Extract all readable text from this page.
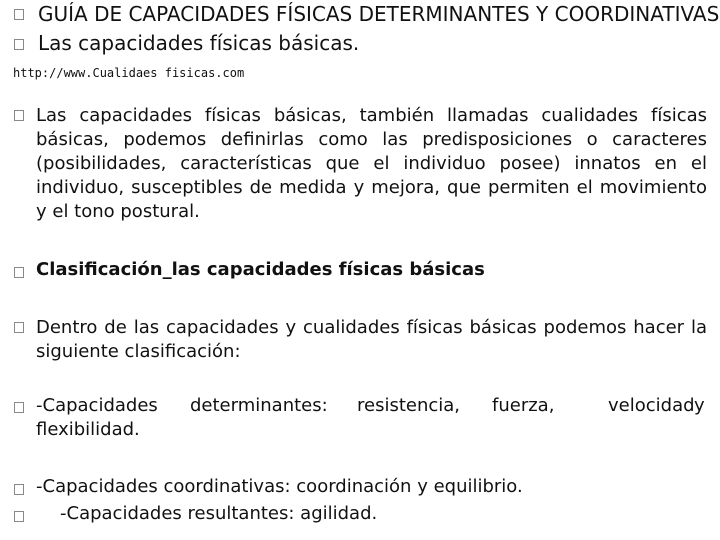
GUÍA DE CAPACIDADES FÍSICAS DETERMINANTES Y COORDINATIVAS
Las capacidades físicas básicas.
http://www.Cualidaes fisicas.com
Las capacidades físicas básicas, también llamadas cualidades físicas básicas, podemos definirlas como las predisposiciones o caracteres (posibilidades, características que el individuo posee) innatos en el individuo, susceptibles de medida y mejora, que permiten el movimiento y el tono postural.
Clasificación_las capacidades físicas básicas
Dentro de las capacidades y cualidades físicas básicas podemos hacer la siguiente clasificación:
-Capacidades determinantes: resistencia, fuerza,	velocidad y
flexibilidad.
-Capacidades coordinativas: coordinación y equilibrio.
-Capacidades resultantes: agilidad.
